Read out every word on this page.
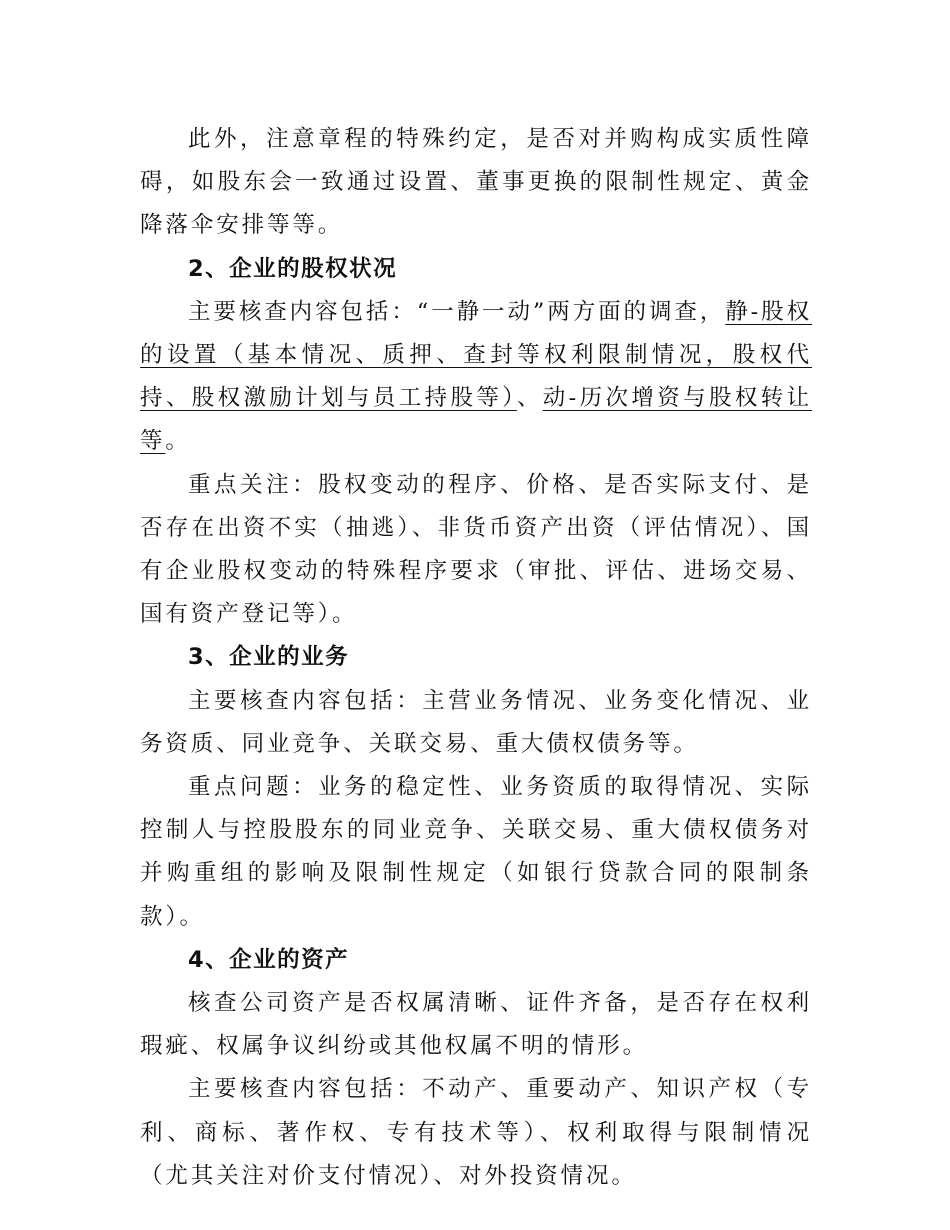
此外，注意章程的特殊约定，是否对并购构成实质性障碍，如股东会一致通过设置、董事更换的限制性规定、黄金降落伞安排等等。

2、企业的股权状况

主要核查内容包括：“一静一动”两方面的调查，静-股权的设置（基本情况、质押、查封等权利限制情况，股权代持、股权激励计划与员工持股等）、动-历次增资与股权转让等。

重点关注：股权变动的程序、价格、是否实际支付、是否存在出资不实（抽逃）、非货币资产出资（评估情况）、国有企业股权变动的特殊程序要求（审批、评估、进场交易、国有资产登记等）。

3、企业的业务

主要核查内容包括：主营业务情况、业务变化情况、业务资质、同业竞争、关联交易、重大债权债务等。

重点问题：业务的稳定性、业务资质的取得情况、实际控制人与控股股东的同业竞争、关联交易、重大债权债务对并购重组的影响及限制性规定（如银行贷款合同的限制条款）。

4、企业的资产

核查公司资产是否权属清晰、证件齐备，是否存在权利瑕疵、权属争议纠纷或其他权属不明的情形。

主要核查内容包括：不动产、重要动产、知识产权（专利、商标、著作权、专有技术等）、权利取得与限制情况（尤其关注对价支付情况）、对外投资情况。
